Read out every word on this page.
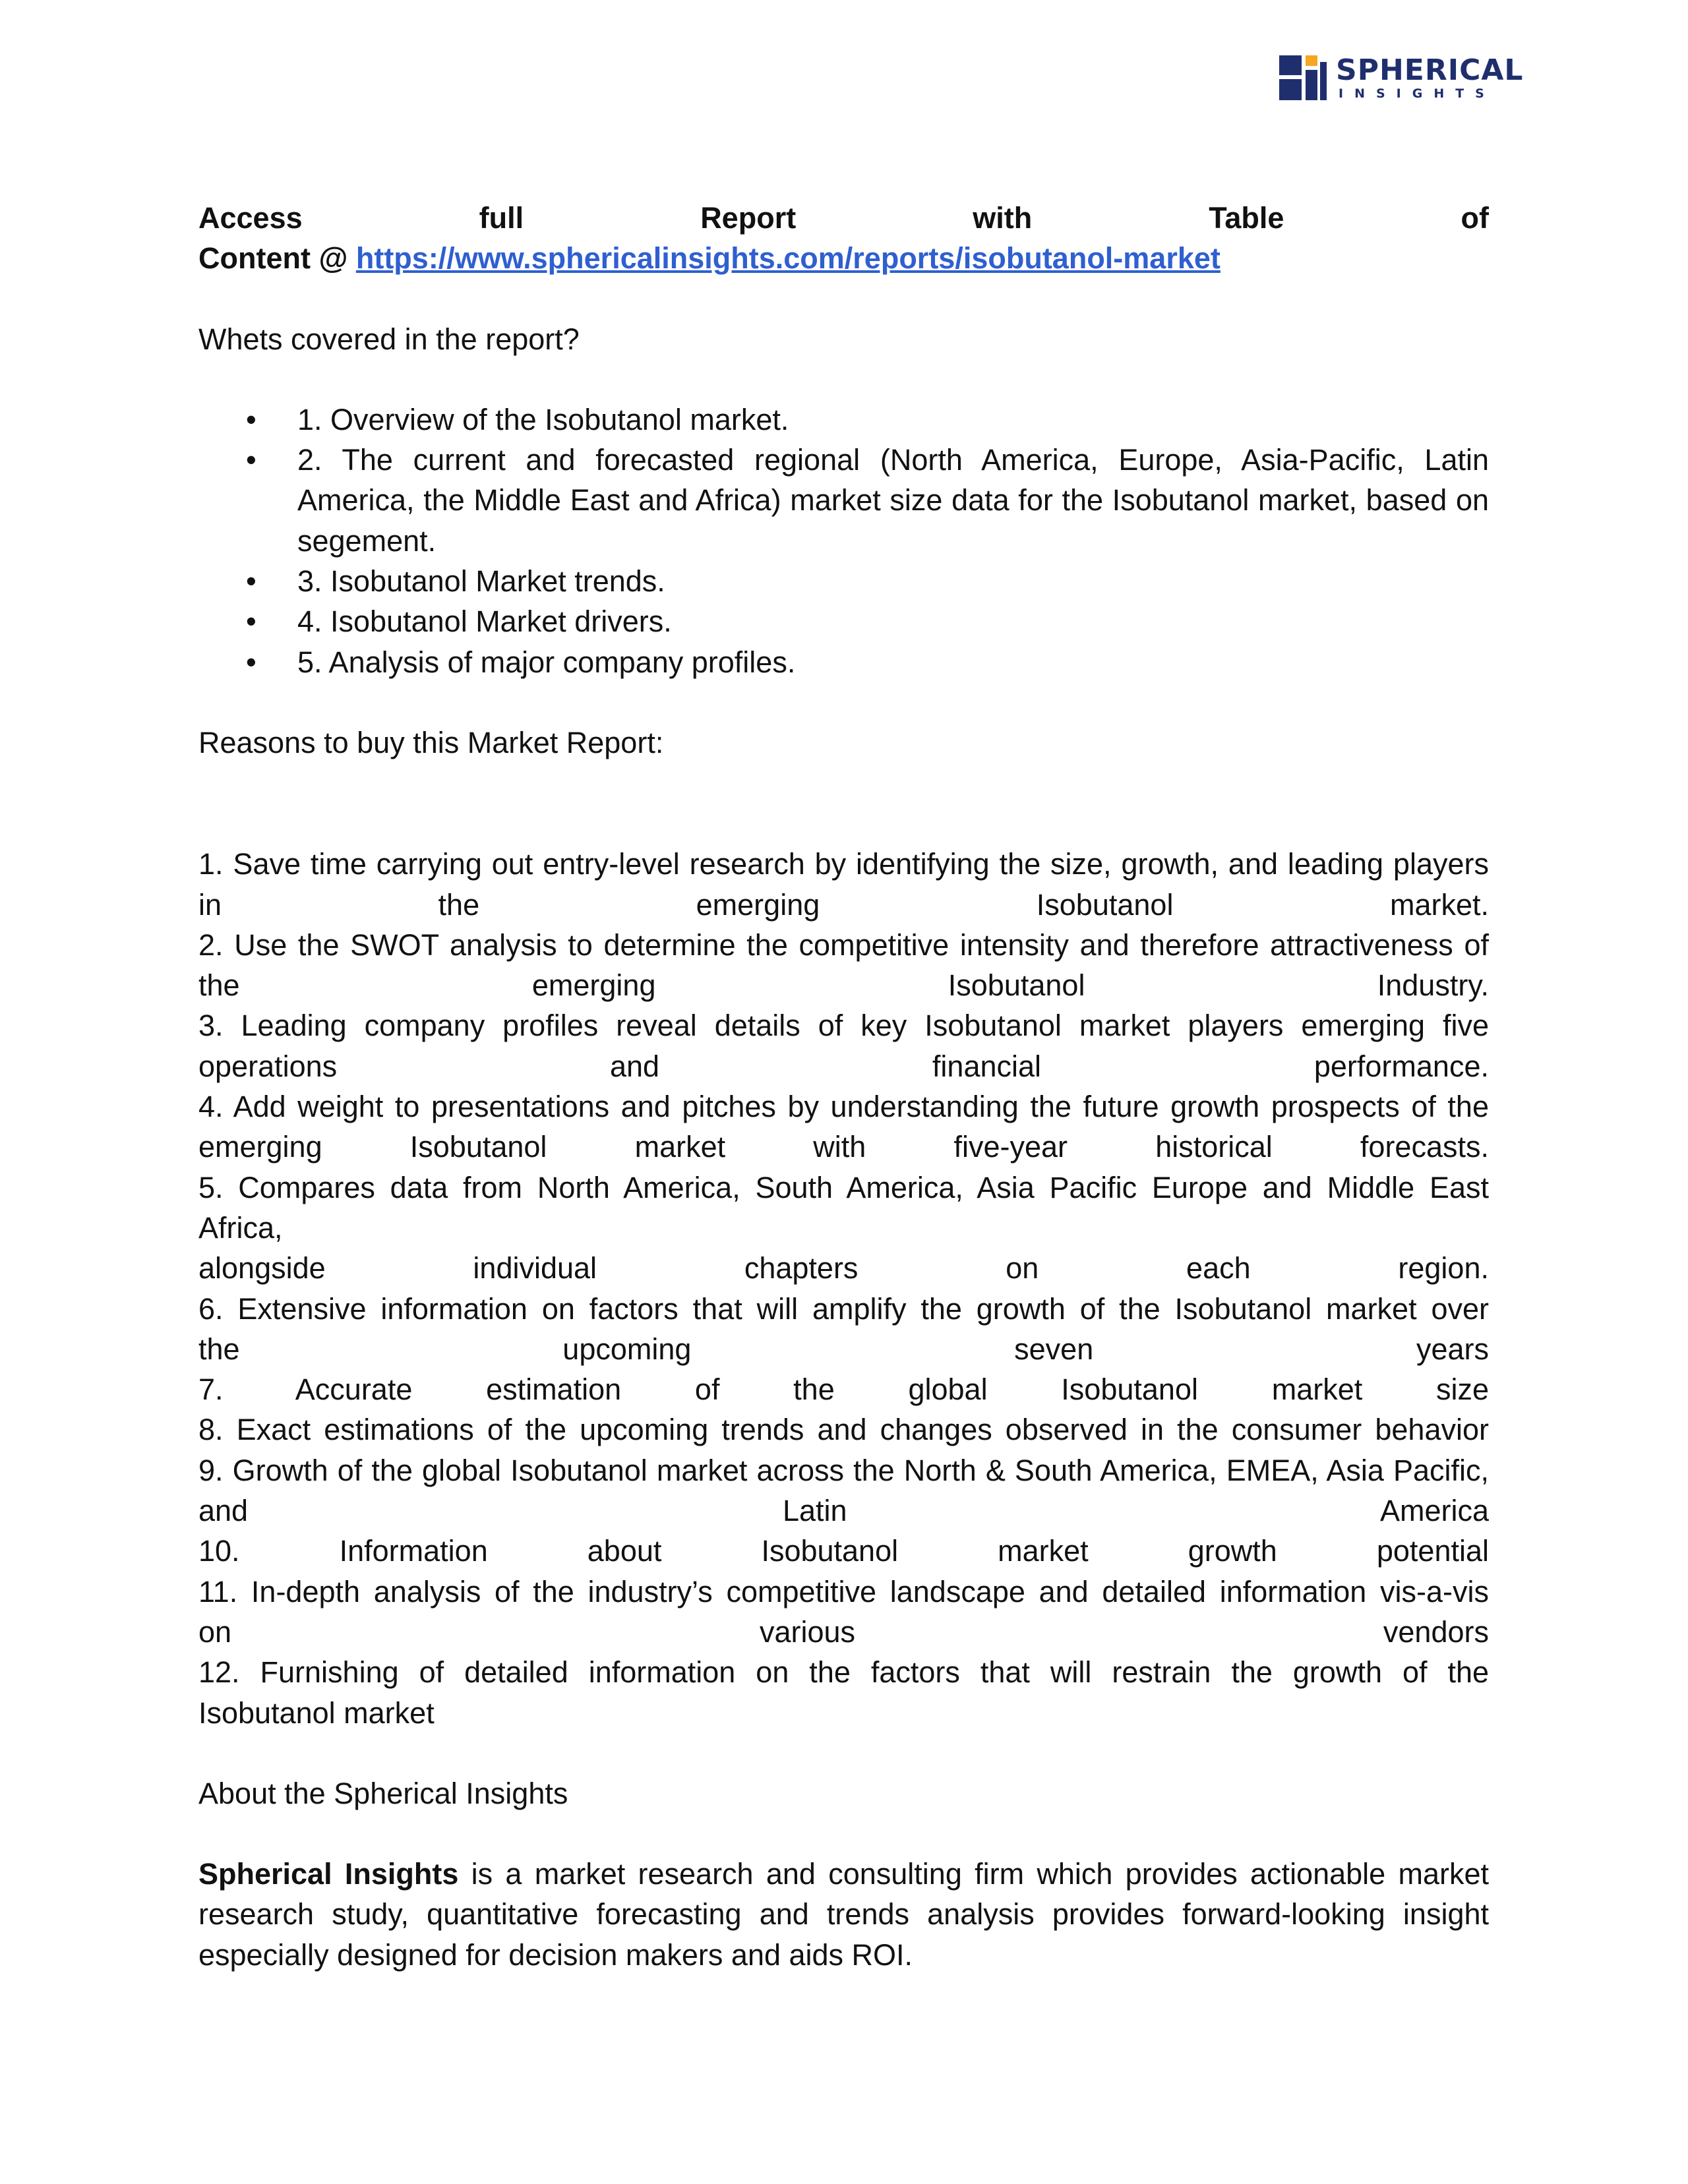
SPHERICAL
INSIGHTS

Access	full	Report	with	Table	of

Content @ https://www.sphericalinsights.com/reports/isobutanol-market

Whets covered in the report?

• 1. Overview of the Isobutanol market.
• 2. The current and forecasted regional (North America, Europe, Asia-Pacific, Latin America, the Middle East and Africa) market size data for the Isobutanol market, based on segement.
• 3. Isobutanol Market trends.
• 4. Isobutanol Market drivers.
• 5. Analysis of major company profiles.

Reasons to buy this Market Report:

1. Save time carrying out entry-level research by identifying the size, growth, and leading players

in the emerging Isobutanol market.

2. Use the SWOT analysis to determine the competitive intensity and therefore attractiveness of

the emerging Isobutanol Industry.

3. Leading company profiles reveal details of key Isobutanol market players emerging five

operations and financial performance.

4. Add weight to presentations and pitches by understanding the future growth prospects of the

emerging Isobutanol market with five-year historical forecasts.

5. Compares data from North America, South America, Asia Pacific Europe and Middle East Africa,

alongside individual chapters on each region.

6. Extensive information on factors that will amplify the growth of the Isobutanol market over

the upcoming seven years

7. Accurate estimation of the global Isobutanol market size

8. Exact estimations of the upcoming trends and changes observed in the consumer behavior

9. Growth of the global Isobutanol market across the North & South America, EMEA, Asia Pacific,

and Latin America

10. Information about Isobutanol market growth potential

11. In-depth analysis of the industry’s competitive landscape and detailed information vis-a-vis

on various vendors

12. Furnishing of detailed information on the factors that will restrain the growth of the

Isobutanol market

About the Spherical Insights

Spherical Insights is a market research and consulting firm which provides actionable market research study, quantitative forecasting and trends analysis provides forward-looking insight especially designed for decision makers and aids ROI.
